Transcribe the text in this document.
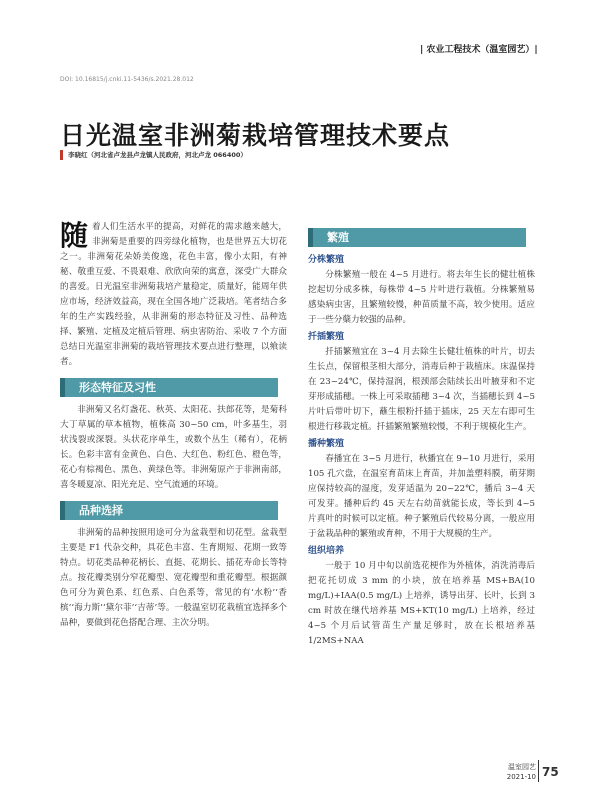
| 农业工程技术（温室园艺）|
DOI: 10.16815/j.cnki.11-5436/s.2021.28.012
日光温室非洲菊栽培管理技术要点
李晓红（河北省卢龙县卢龙镇人民政府，河北卢龙 066400）

随着人们生活水平的提高，对鲜花的需求越来越大，非洲菊是重要的四旁绿化植物，也是世界五大切花之一。非洲菊花朵娇美俊逸，花色丰富，像小太阳，有神秘、敬重互爱、不畏艰难、欣欣向荣的寓意，深受广大群众的喜爱。日光温室非洲菊栽培产量稳定，质量好，能周年供应市场，经济效益高，现在全国各地广泛栽培。笔者结合多年的生产实践经验，从非洲菊的形态特征及习性、品种选择、繁殖、定植及定植后管理、病虫害防治、采收 7 个方面总结日光温室非洲菊的栽培管理技术要点进行整理，以飨读者。

形态特征及习性

非洲菊又名灯盏花、秋英、太阳花、扶郎花等，是菊科大丁草属的草本植物，植株高 30~50 cm，叶多基生，羽状浅裂或深裂。头状花序单生，或数个丛生（稀有），花柄长。色彩丰富有金黄色、白色、大红色、粉红色、橙色等，花心有棕褐色、黑色、黄绿色等。非洲菊原产于非洲南部，喜冬暖夏凉、阳光充足、空气流通的环境。

品种选择

非洲菊的品种按照用途可分为盆栽型和切花型。盆栽型主要是 F1 代杂交种，具花色丰富、生育期短、花期一致等特点。切花类品种花柄长、直挺、花期长、插花寿命长等特点。按花瓣类别分窄花瓣型、宽花瓣型和重花瓣型。根据颜色可分为黄色系、红色系、白色系等，常见的有‘水粉’‘香槟’‘海力斯’‘黛尔菲’‘吉蒂’等。一般温室切花栽植宜选择多个品种，要做到花色搭配合理、主次分明。

繁殖
分株繁殖

分株繁殖一般在 4~5 月进行。将去年生长的健壮植株挖起切分成多株，每株带 4~5 片叶进行栽植。分株繁殖易感染病虫害，且繁殖较慢，种苗质量不高，较少使用。适应于一些分蘖力较强的品种。

扦插繁殖

扦插繁殖宜在 3~4 月去除生长健壮植株的叶片，切去生长点，保留根茎相大部分，消毒后种于栽植床。床温保持在 23~24℃，保持湿润，根颈部会陆续长出叶腋芽和不定芽形成插穗。一株上可采取插穗 3~4 次，当插穗长到 4~5 片叶后带叶切下，蘸生根粉扦插于插床，25 天左右即可生根进行移栽定植。扦插繁殖繁殖较慢，不利于规模化生产。

播种繁殖

春播宜在 3~5 月进行，秋播宜在 9~10 月进行，采用 105 孔穴盘，在温室育苗床上育苗，并加盖塑料膜，萌芽期应保持较高的湿度，发芽适温为 20~22℃，播后 3~4 天可发芽。播种后约 45 天左右幼苗就能长成，等长到 4~5 片真叶的时候可以定植。种子繁殖后代较易分离，一般应用于盆栽品种的繁殖或育种，不用于大规模的生产。

组织培养

一般于 10 月中旬以前选花梗作为外植体，消洗消毒后把花托切成 3 mm 的小块，放在培养基 MS+BA(10 mg/L)+IAA(0.5 mg/L) 上培养，诱导出芽、长叶，长到 3 cm 时放在继代培养基 MS+KT(10 mg/L) 上培养，经过 4~5 个月后试管苗生产量足够时，放在长根培养基 1/2MS+NAA

温室园艺
2021-10 75
